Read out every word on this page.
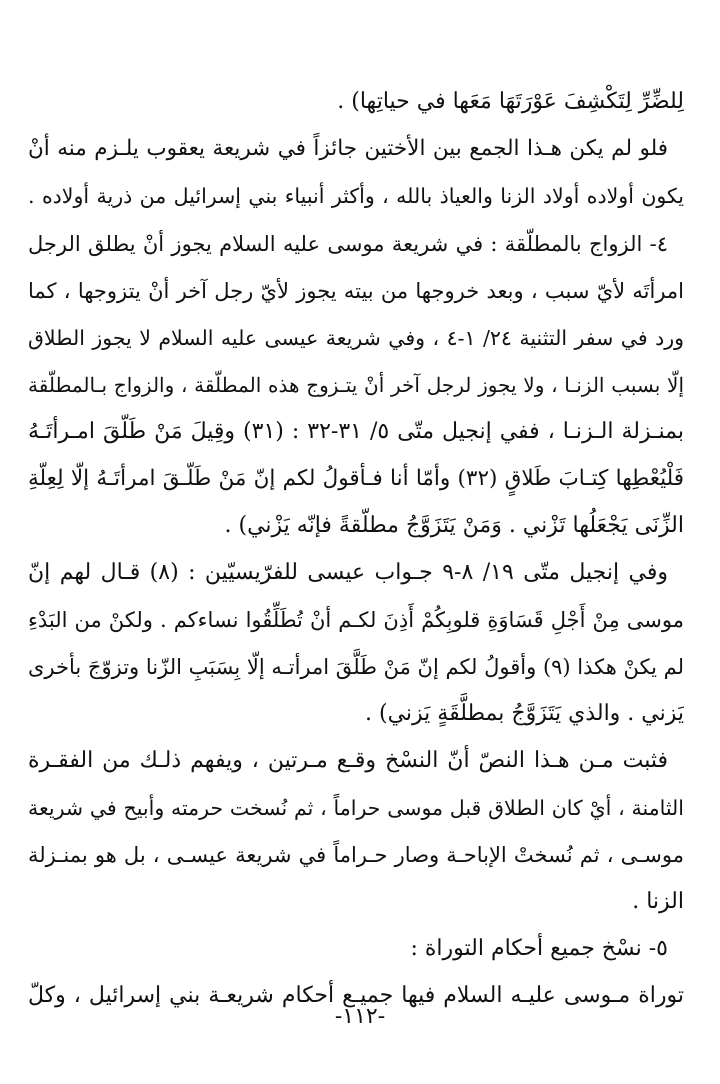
لِلضِّرِّ لِتَكْشِفَ عَوْرَتَهَا مَعَها في حياتِها) .
فلو لم يكن هـذا الجمع بين الأختين جائزاً في شريعة يعقوب يلـزم منه أنْ
يكون أولاده أولاد الزنا والعياذ بالله ، وأكثر أنبياء بني إسرائيل من ذرية أولاده .
٤- الزواج بالمطلّقة : في شريعة موسى عليه السلام يجوز أنْ يطلق الرجل
امرأتَه لأيّ سبب ، وبعد خروجها من بيته يجوز لأيّ رجل آخر أنْ يتزوجها ، كما
ورد في سفر التثنية ٢٤/ ١-٤ ، وفي شريعة عيسى عليه السلام لا يجوز الطلاق
إلّا بسبب الزنـا ، ولا يجوز لرجل آخر أنْ يتـزوج هذه المطلّقة ، والزواج بـالمطلّقة
بمنـزلة الـزنـا ، ففي إنجيل متّى ٥/ ٣١-٣٢ : (٣١) وقِيلَ مَنْ طَلّقَ امـرأتَـهُ
فَلْيُعْطِها كِتـابَ طَلاقٍ (٣٢) وأمّا أنا فـأقولُ لكم إنّ مَنْ طَلّـقَ امرأتَـهُ إلّا لِعِلّةِ
الزِّنَى يَجْعَلُها تَزْني . وَمَنْ يَتَزَوَّجُ مطلّقةً فإنّه يَزْني) .
وفي إنجيل متّى ١٩/ ٨-٩ جـواب عيسى للفرّيسيّين : (٨) قـال لهم إنّ
موسى مِنْ أَجْلِ قَسَاوَةِ قلوبِكُمْ أَذِنَ لكـم أنْ تُطَلِّقُوا نساءكم . ولكنْ من البَدْءِ
لم يكنْ هكذا (٩) وأقولُ لكم إنّ مَنْ طَلَّقَ امرأتـه إلّا بِسَبَبِ الزّنا وتزوّجَ بأخرى
يَزني . والذي يَتَزَوَّجُ بمطلَّقَةٍ يَزني) .
فثبت مـن هـذا النصّ أنّ النسْخ وقـع مـرتين ، ويفهم ذلـك من الفقـرة
الثامنة ، أيْ كان الطلاق قبل موسى حراماً ، ثم نُسخت حرمته وأبيح في شريعة
موسـى ، ثم نُسختْ الإباحـة وصار حـراماً في شريعة عيسـى ، بل هو بمنـزلة
الزنا .
٥- نسْخ جميع أحكام التوراة :
توراة مـوسى عليـه السلام فيها جميـع أحكام شريعـة بني إسرائيل ، وكلّ
-١١٢-
